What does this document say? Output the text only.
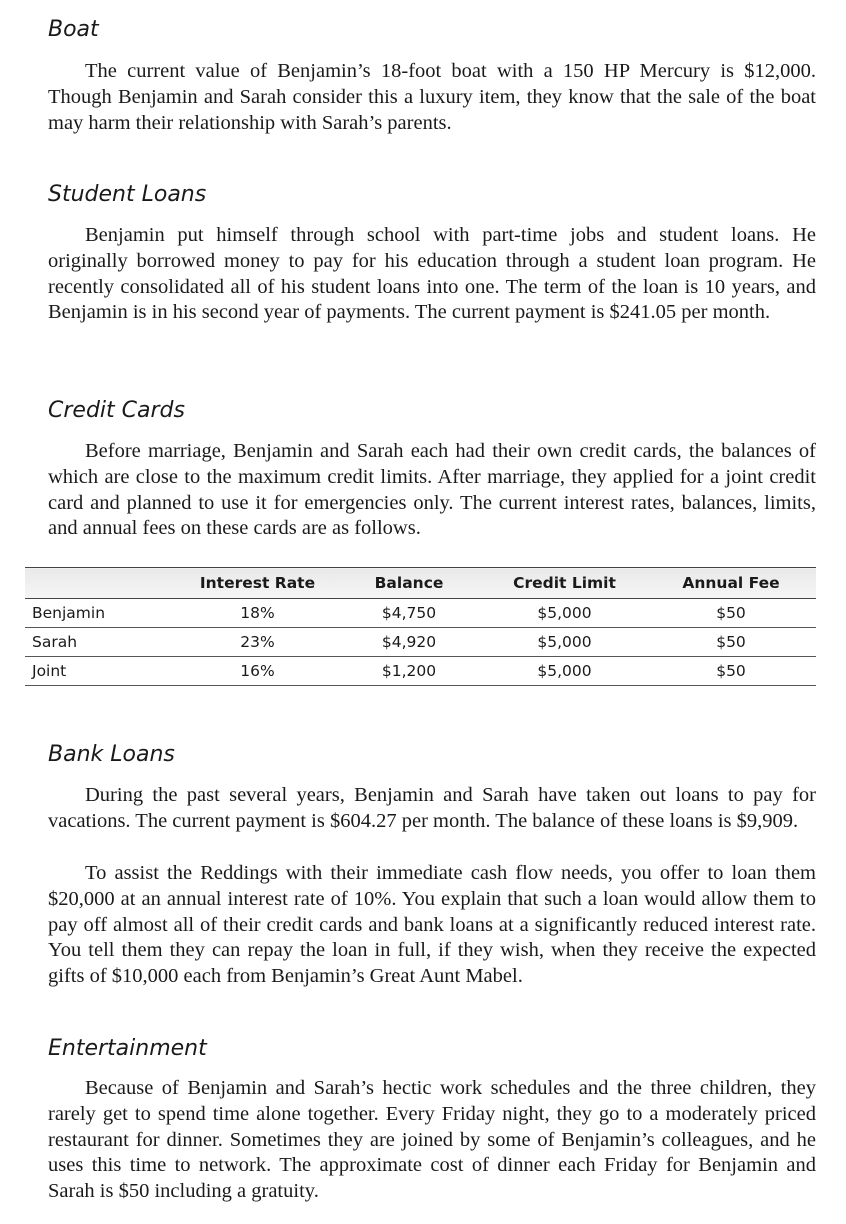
Boat

The current value of Benjamin’s 18-foot boat with a 150 HP Mercury is $12,000. Though Benjamin and Sarah consider this a luxury item, they know that the sale of the boat may harm their relationship with Sarah’s parents.

Student Loans

Benjamin put himself through school with part-time jobs and student loans. He originally borrowed money to pay for his education through a student loan program. He recently consolidated all of his student loans into one. The term of the loan is 10 years, and Benjamin is in his second year of payments. The current payment is $241.05 per month.

Credit Cards

Before marriage, Benjamin and Sarah each had their own credit cards, the balances of which are close to the maximum credit limits. After marriage, they applied for a joint credit card and planned to use it for emergencies only. The current interest rates, balances, limits, and annual fees on these cards are as follows.

Bank Loans

During the past several years, Benjamin and Sarah have taken out loans to pay for vacations. The current payment is $604.27 per month. The balance of these loans is $9,909.

To assist the Reddings with their immediate cash flow needs, you offer to loan them $20,000 at an annual interest rate of 10%. You explain that such a loan would allow them to pay off almost all of their credit cards and bank loans at a significantly reduced interest rate. You tell them they can repay the loan in full, if they wish, when they receive the expected gifts of $10,000 each from Benjamin’s Great Aunt Mabel.

Entertainment

Because of Benjamin and Sarah’s hectic work schedules and the three children, they rarely get to spend time alone together. Every Friday night, they go to a moderately priced restaurant for dinner. Sometimes they are joined by some of Benjamin’s colleagues, and he uses this time to network. The approximate cost of dinner each Friday for Benjamin and Sarah is $50 including a gratuity.

	Interest Rate	Balance	Credit Limit	Annual Fee
Benjamin	18%	$4,750	$5,000	$50
Sarah	23%	$4,920	$5,000	$50
Joint	16%	$1,200	$5,000	$50
